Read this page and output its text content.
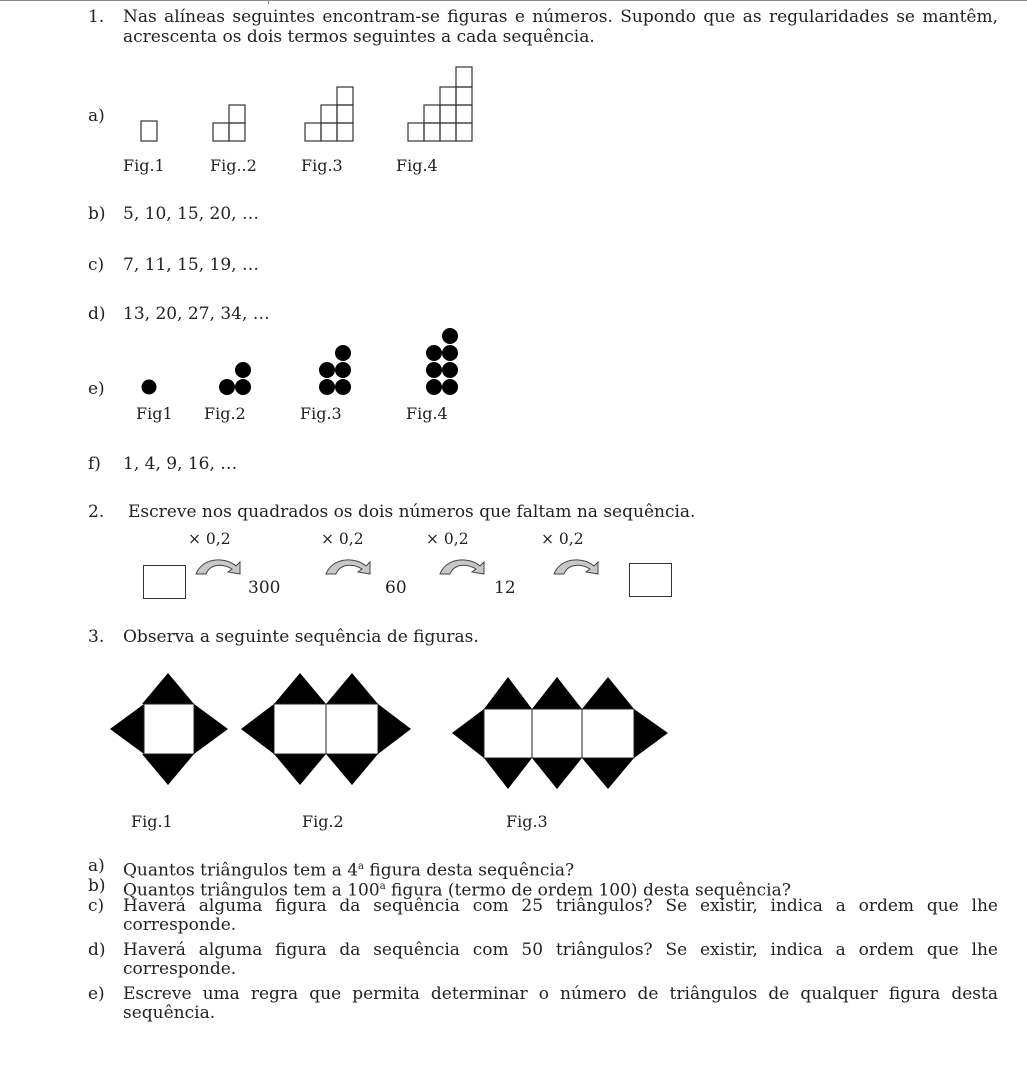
1. Nas alíneas seguintes encontram-se figuras e números. Supondo que as regularidades se mantêm, acrescenta os dois termos seguintes a cada sequência.
a)
Fig.1	Fig..2	Fig.3	Fig.4
b) 5, 10, 15, 20, …
c) 7, 11, 15, 19, …
d) 13, 20, 27, 34, …
e)
Fig1 Fig.2	Fig.3	Fig.4
f) 1, 4, 9, 16, …
2. Escreve nos quadrados os dois números que faltam na sequência.
× 0,2	× 0,2	× 0,2	× 0,2
300	60	12
3. Observa a seguinte sequência de figuras.
Fig.1	Fig.2	Fig.3
a) Quantos triângulos tem a 4$^a$ figura desta sequência?
b) Quantos triângulos tem a 100$^a$ figura (termo de ordem 100) desta sequência?
c) Haverá alguma figura da sequência com 25 triângulos? Se existir, indica a ordem que lhe corresponde.
d) Haverá alguma figura da sequência com 50 triângulos? Se existir, indica a ordem que lhe corresponde.
e) Escreve uma regra que permita determinar o número de triângulos de qualquer figura desta sequência.
